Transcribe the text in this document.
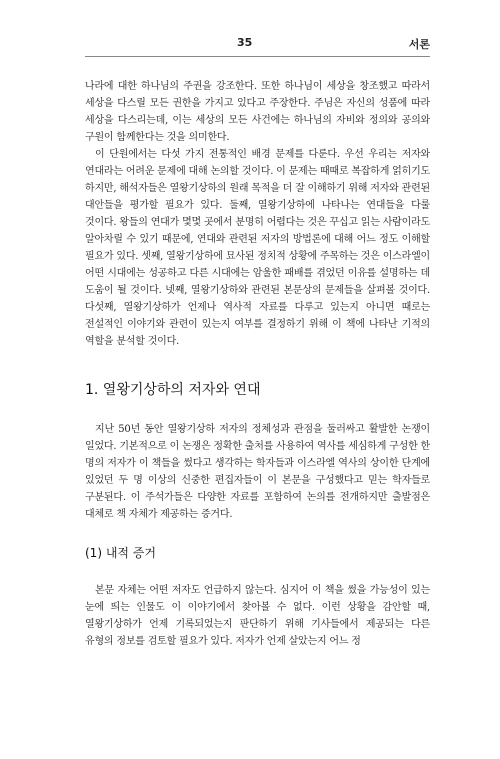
35	서론

나라에 대한 하나님의 주권을 강조한다. 또한 하나님이 세상을 창조했고 따라서 세상을 다스릴 모든 권한을 가지고 있다고 주장한다. 주님은 자신의 성품에 따라 세상을 다스리는데, 이는 세상의 모든 사건에는 하나님의 자비와 정의와 공의와 구원이 함께한다는 것을 의미한다.

이 단원에서는 다섯 가지 전통적인 배경 문제를 다룬다. 우선 우리는 저자와 연대라는 어려운 문제에 대해 논의할 것이다. 이 문제는 때때로 복잡하게 얽히기도 하지만, 해석자들은 열왕기상하의 원래 목적을 더 잘 이해하기 위해 저자와 관련된 대안들을 평가할 필요가 있다. 둘째, 열왕기상하에 나타나는 연대들을 다룰 것이다. 왕들의 연대가 몇몇 곳에서 분명히 어렵다는 것은 꾸십고 읽는 사람이라도 알아차릴 수 있기 때문에, 연대와 관련된 저자의 방법론에 대해 어느 정도 이해할 필요가 있다. 셋째, 열왕기상하에 묘사된 정치적 상황에 주목하는 것은 이스라엘이 어떤 시대에는 성공하고 다른 시대에는 암울한 패배를 겪었던 이유를 설명하는 데 도움이 될 것이다. 넷째, 열왕기상하와 관련된 본문상의 문제들을 살펴볼 것이다. 다섯째, 열왕기상하가 언제나 역사적 자료를 다루고 있는지 아니면 때로는 전설적인 이야기와 관련이 있는지 여부를 결정하기 위해 이 책에 나타난 기적의 역할을 분석할 것이다.

1. 열왕기상하의 저자와 연대

지난 50년 동안 열왕기상하 저자의 정체성과 관점을 둘러싸고 활발한 논쟁이 일었다. 기본적으로 이 논쟁은 정확한 출처를 사용하여 역사를 세심하게 구성한 한 명의 저자가 이 책들을 썼다고 생각하는 학자들과 이스라엘 역사의 상이한 단계에 있었던 두 명 이상의 신중한 편집자들이 이 본문을 구성했다고 믿는 학자들로 구분된다. 이 주석가들은 다양한 자료를 포함하여 논의를 전개하지만 출발점은 대체로 책 자체가 제공하는 증거다.

(1) 내적 증거

본문 자체는 어떤 저자도 언급하지 않는다. 심지어 이 책을 썼을 가능성이 있는 눈에 띄는 인물도 이 이야기에서 찾아볼 수 없다. 이런 상황을 감안할 때, 열왕기상하가 언제 기록되었는지 판단하기 위해 기사들에서 제공되는 다른 유형의 정보를 검토할 필요가 있다. 저자가 언제 살았는지 어느 정
